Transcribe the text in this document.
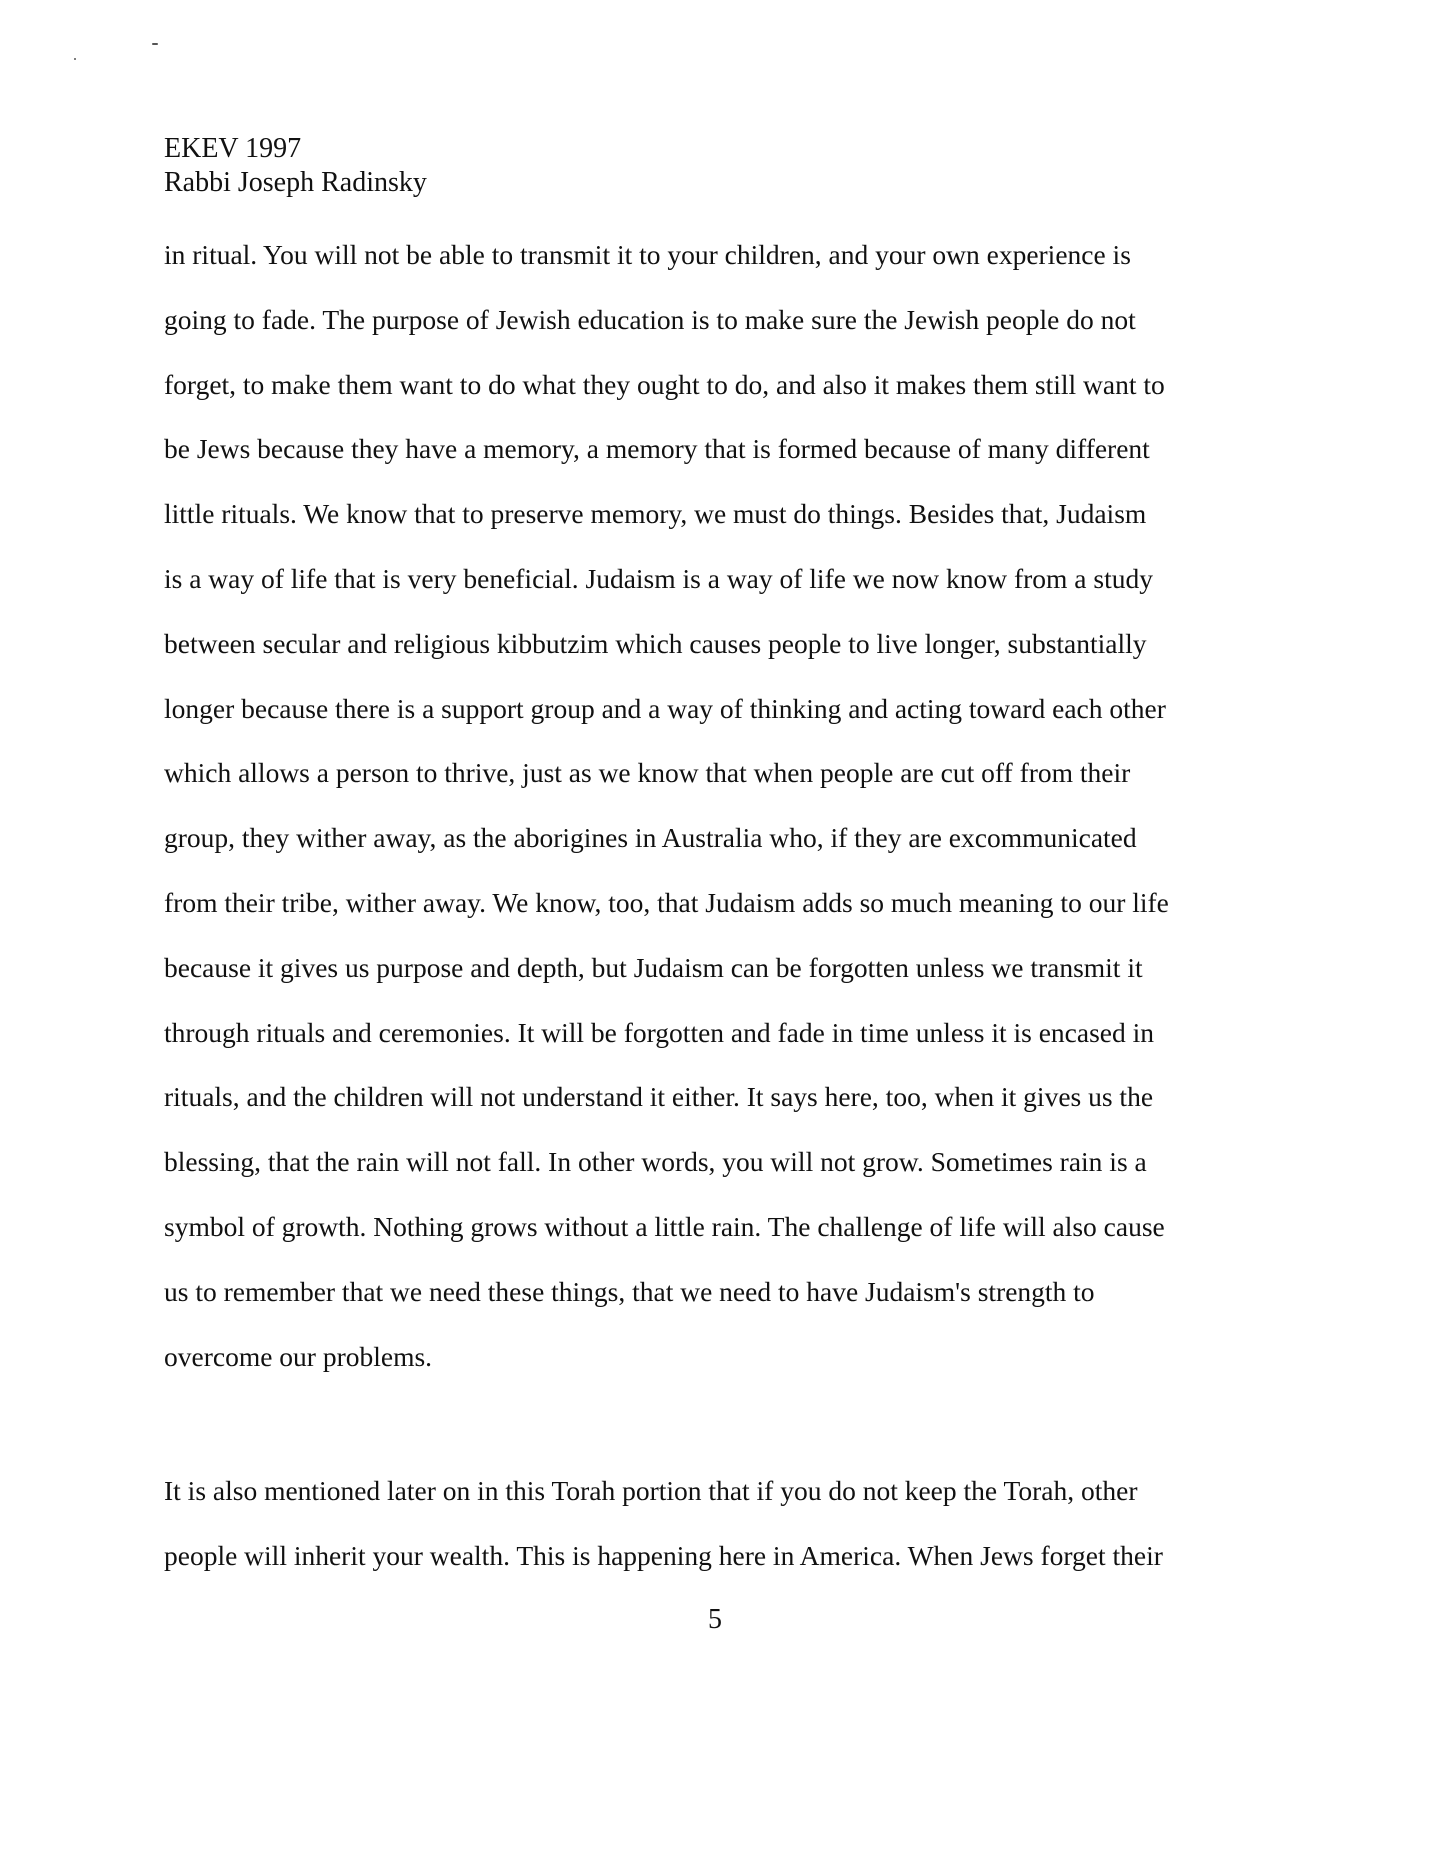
EKEV 1997
Rabbi Joseph Radinsky
in ritual. You will not be able to transmit it to your children, and your own experience is
going to fade. The purpose of Jewish education is to make sure the Jewish people do not
forget, to make them want to do what they ought to do, and also it makes them still want to
be Jews because they have a memory, a memory that is formed because of many different
little rituals. We know that to preserve memory, we must do things. Besides that, Judaism
is a way of life that is very beneficial. Judaism is a way of life we now know from a study
between secular and religious kibbutzim which causes people to live longer, substantially
longer because there is a support group and a way of thinking and acting toward each other
which allows a person to thrive, just as we know that when people are cut off from their
group, they wither away, as the aborigines in Australia who, if they are excommunicated
from their tribe, wither away. We know, too, that Judaism adds so much meaning to our life
because it gives us purpose and depth, but Judaism can be forgotten unless we transmit it
through rituals and ceremonies. It will be forgotten and fade in time unless it is encased in
rituals, and the children will not understand it either. It says here, too, when it gives us the
blessing, that the rain will not fall. In other words, you will not grow. Sometimes rain is a
symbol of growth. Nothing grows without a little rain. The challenge of life will also cause
us to remember that we need these things, that we need to have Judaism's strength to
overcome our problems.
It is also mentioned later on in this Torah portion that if you do not keep the Torah, other
people will inherit your wealth. This is happening here in America. When Jews forget their
5
